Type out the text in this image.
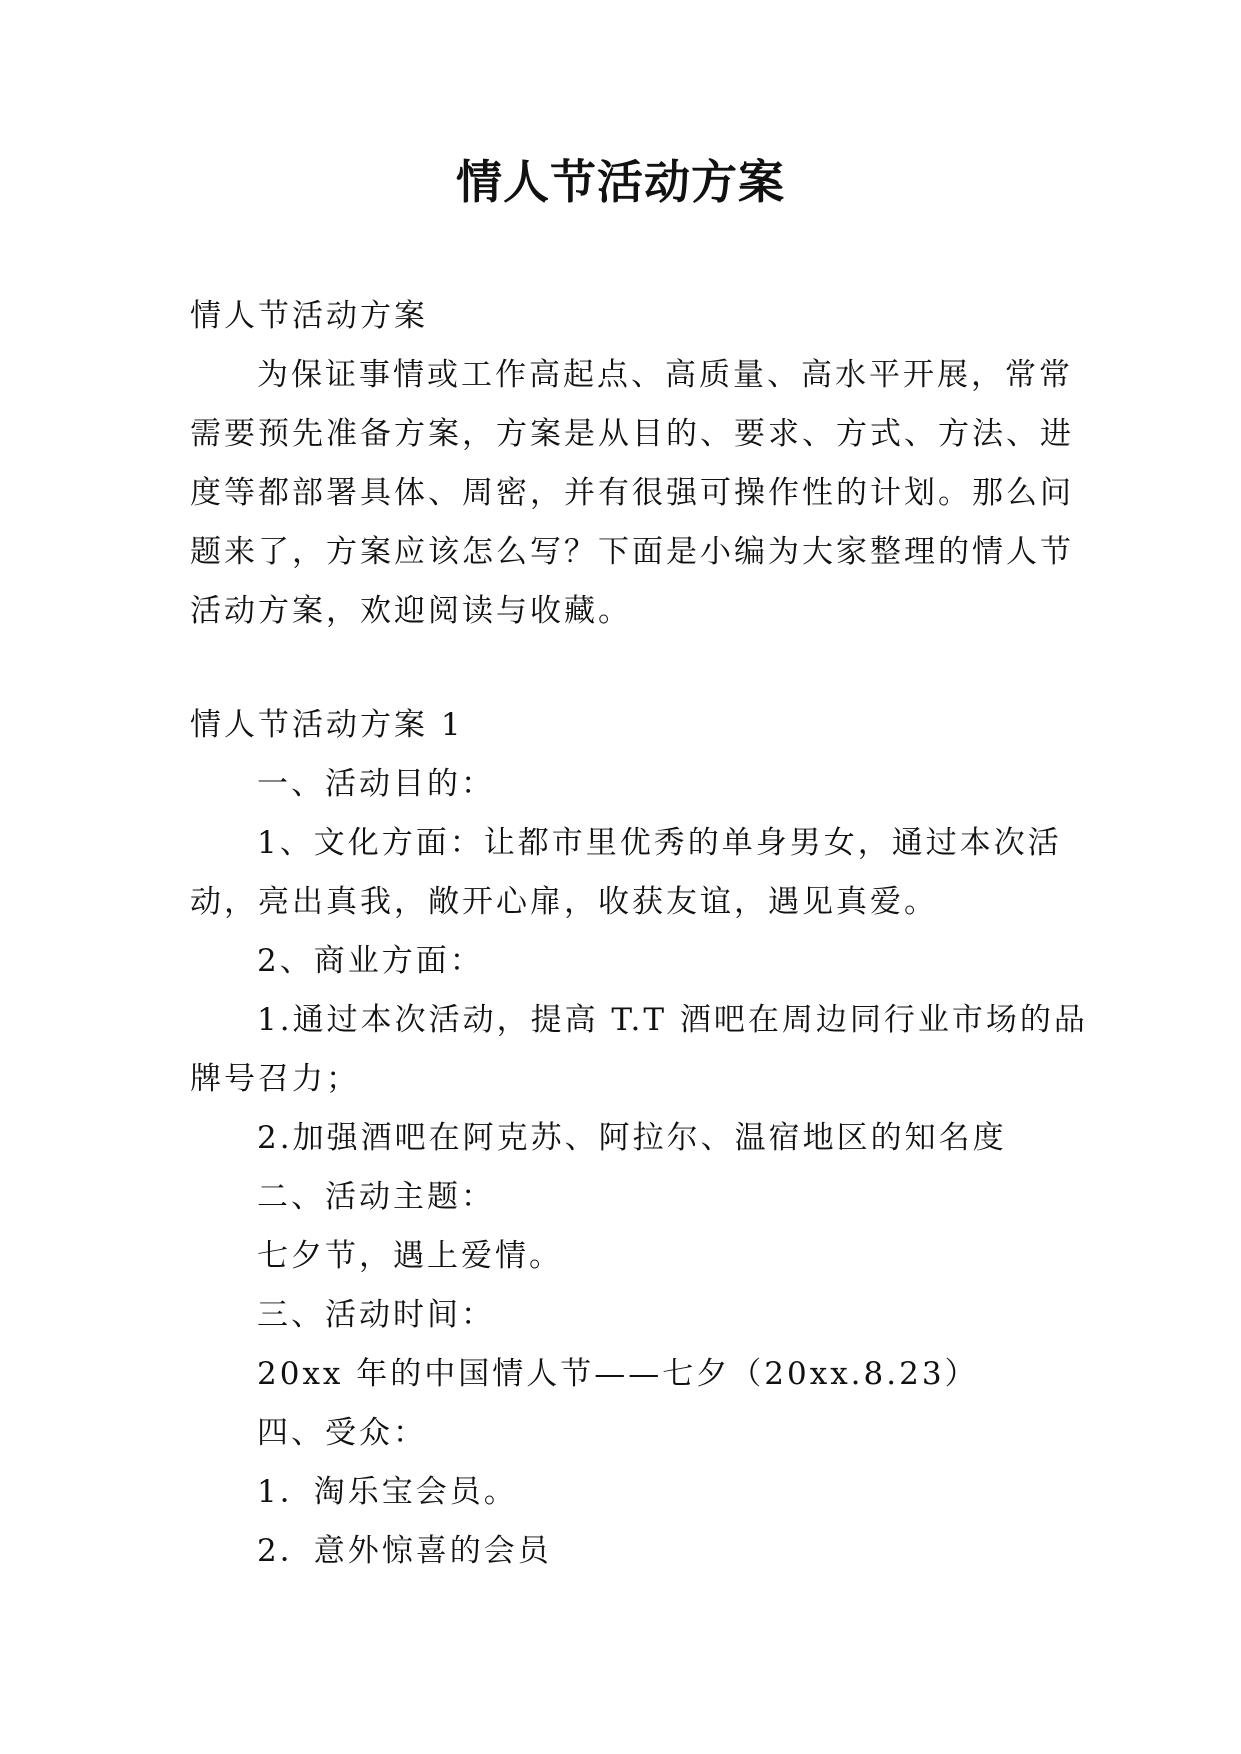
情人节活动方案
情人节活动方案
为保证事情或工作高起点、高质量、高水平开展，常常
需要预先准备方案，方案是从目的、要求、方式、方法、进
度等都部署具体、周密，并有很强可操作性的计划。那么问
题来了，方案应该怎么写？下面是小编为大家整理的情人节
活动方案，欢迎阅读与收藏。
情人节活动方案 1
一、活动目的：
1、文化方面：让都市里优秀的单身男女，通过本次活
动，亮出真我，敞开心扉，收获友谊，遇见真爱。
2、商业方面：
1.通过本次活动，提高 T.T 酒吧在周边同行业市场的品
牌号召力；
2.加强酒吧在阿克苏、阿拉尔、温宿地区的知名度
二、活动主题：
七夕节，遇上爱情。
三、活动时间：
20xx 年的中国情人节——七夕（20xx.8.23）
四、受众：
1．淘乐宝会员。
2．意外惊喜的会员
